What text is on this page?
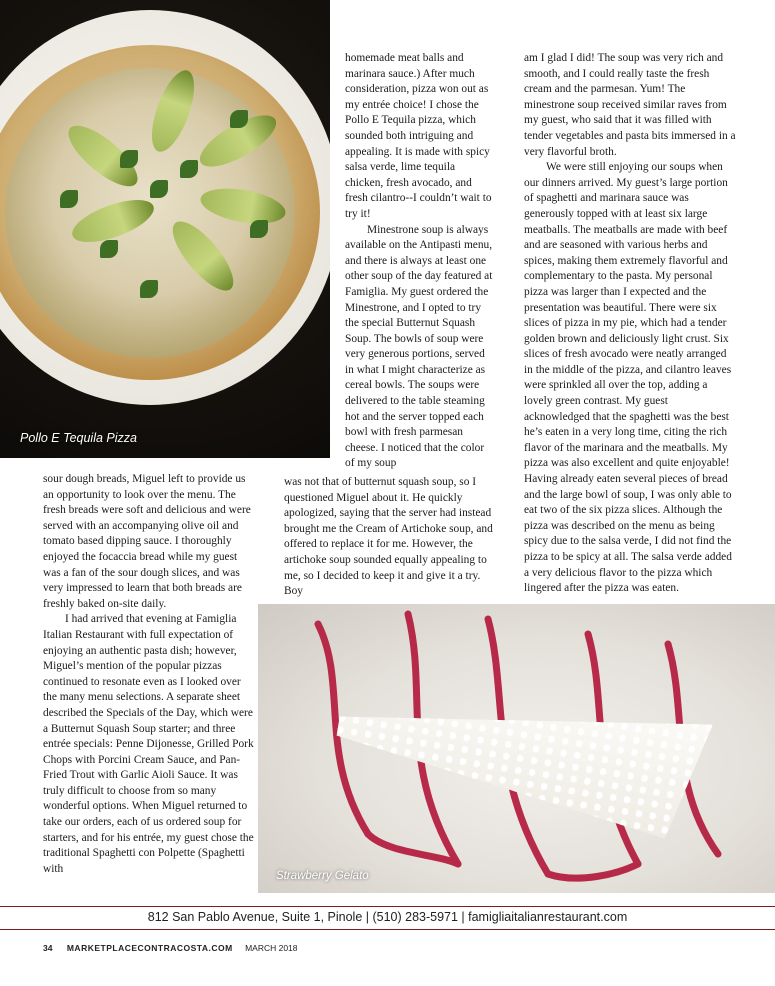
Pollo E Tequila Pizza

sour dough breads, Miguel left to provide us an opportunity to look over the menu. The fresh breads were soft and delicious and were served with an accompanying olive oil and tomato based dipping sauce. I thoroughly enjoyed the focaccia bread while my guest was a fan of the sour dough slices, and was very impressed to learn that both breads are freshly baked on-site daily.

I had arrived that evening at Famiglia Italian Restaurant with full expectation of enjoying an authentic pasta dish; however, Miguel’s mention of the popular pizzas continued to resonate even as I looked over the many menu selections. A separate sheet described the Specials of the Day, which were a Butternut Squash Soup starter; and three entrée specials: Penne Dijonesse, Grilled Pork Chops with Porcini Cream Sauce, and Pan-Fried Trout with Garlic Aioli Sauce. It was truly difficult to choose from so many wonderful options. When Miguel returned to take our orders, each of us ordered soup for starters, and for his entrée, my guest chose the traditional Spaghetti con Polpette (Spaghetti with

homemade meat balls and marinara sauce.) After much consideration, pizza won out as my entrée choice! I chose the Pollo E Tequila pizza, which sounded both intriguing and appealing. It is made with spicy salsa verde, lime tequila chicken, fresh avocado, and fresh cilantro--I couldn’t wait to try it!

Minestrone soup is always available on the Antipasti menu, and there is always at least one other soup of the day featured at Famiglia. My guest ordered the Minestrone, and I opted to try the special Butternut Squash Soup. The bowls of soup were very generous portions, served in what I might characterize as cereal bowls. The soups were delivered to the table steaming hot and the server topped each bowl with fresh parmesan cheese. I noticed that the color of my soup

was not that of butternut squash soup, so I questioned Miguel about it. He quickly apologized, saying that the server had instead brought me the Cream of Artichoke soup, and offered to replace it for me. However, the artichoke soup sounded equally appealing to me, so I decided to keep it and give it a try. Boy

am I glad I did! The soup was very rich and smooth, and I could really taste the fresh cream and the parmesan. Yum! The minestrone soup received similar raves from my guest, who said that it was filled with tender vegetables and pasta bits immersed in a very flavorful broth.

We were still enjoying our soups when our dinners arrived. My guest’s large portion of spaghetti and marinara sauce was generously topped with at least six large meatballs. The meatballs are made with beef and are seasoned with various herbs and spices, making them extremely flavorful and complementary to the pasta. My personal pizza was larger than I expected and the presentation was beautiful. There were six slices of pizza in my pie, which had a tender golden brown and deliciously light crust. Six slices of fresh avocado were neatly arranged in the middle of the pizza, and cilantro leaves were sprinkled all over the top, adding a lovely green contrast. My guest acknowledged that the spaghetti was the best he’s eaten in a very long time, citing the rich flavor of the marinara and the meatballs. My pizza was also excellent and quite enjoyable! Having already eaten several pieces of bread and the large bowl of soup, I was only able to eat two of the six pizza slices. Although the pizza was described on the menu as being spicy due to the salsa verde, I did not find the pizza to be spicy at all. The salsa verde added a very delicious flavor to the pizza which lingered after the pizza was eaten.

Strawberry Gelato
812 San Pablo Avenue, Suite 1, Pinole | (510) 283-5971 | famigliaitalianrestaurant.com
34 MARKETPLACECONTRACOSTA.COM MARCH 2018
